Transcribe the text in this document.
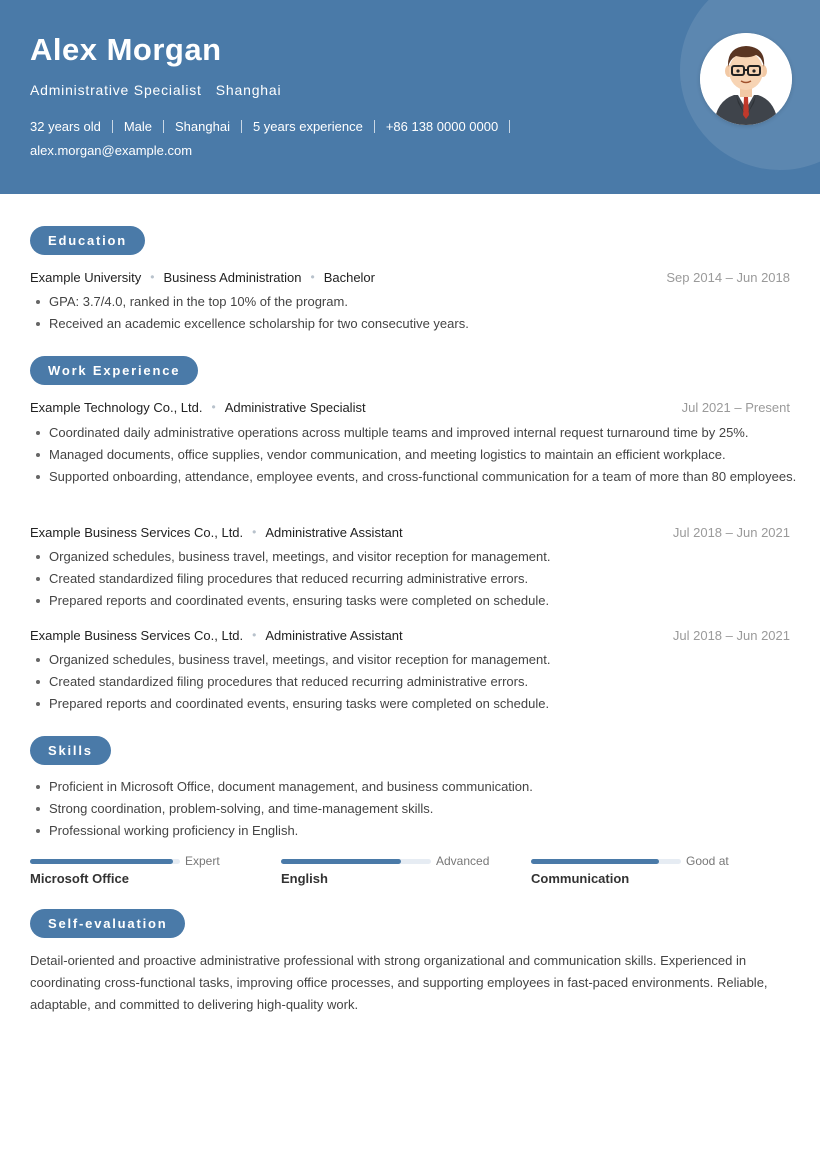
Alex Morgan
Administrative Specialist   Shanghai
32 years old Male Shanghai 5 years experience +86 138 0000 0000
alex.morgan@example.com
Education
Example University • Business Administration • Bachelor	Sep 2014 – Jun 2018
GPA: 3.7/4.0, ranked in the top 10% of the program.
Received an academic excellence scholarship for two consecutive years.
Work Experience
Example Technology Co., Ltd. • Administrative Specialist	Jul 2021 – Present
Coordinated daily administrative operations across multiple teams and improved internal request turnaround time by 25%.
Managed documents, office supplies, vendor communication, and meeting logistics to maintain an efficient workplace.
Supported onboarding, attendance, employee events, and cross-functional communication for a team of more than 80 employees.
Example Business Services Co., Ltd. • Administrative Assistant	Jul 2018 – Jun 2021
Organized schedules, business travel, meetings, and visitor reception for management.
Created standardized filing procedures that reduced recurring administrative errors.
Prepared reports and coordinated events, ensuring tasks were completed on schedule.
Example Business Services Co., Ltd. • Administrative Assistant	Jul 2018 – Jun 2021
Organized schedules, business travel, meetings, and visitor reception for management.
Created standardized filing procedures that reduced recurring administrative errors.
Prepared reports and coordinated events, ensuring tasks were completed on schedule.
Skills
Proficient in Microsoft Office, document management, and business communication.
Strong coordination, problem-solving, and time-management skills.
Professional working proficiency in English.
Expert
Microsoft Office
Advanced
English
Good at
Communication
Self-evaluation
Detail-oriented and proactive administrative professional with strong organizational and communication skills. Experienced in coordinating cross-functional tasks, improving office processes, and supporting employees in fast-paced environments. Reliable, adaptable, and committed to delivering high-quality work.
